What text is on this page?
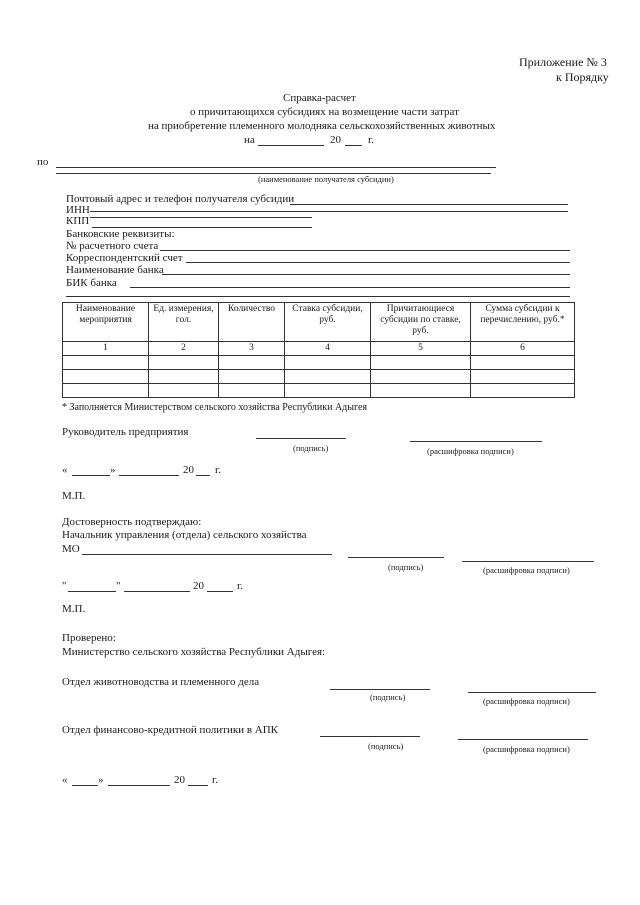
Приложение № 3
к Порядку
Справка-расчет
о причитающихся субсидиях на возмещение части затрат
на приобретение племенного молодняка сельскохозяйственных животных
на	20 г.
по
(наименование получателя субсидии)
Почтовый адрес и телефон получателя субсидии
ИНН
КПП
Банковские реквизиты:
№ расчетного счета
Корреспондентский счет
Наименование банка
БИК банка
Наименование мероприятия	Ед. измерения, гол.	Количество	Ставка субсидии, руб.	Причитающиеся субсидии по ставке, руб.	Сумма субсидии к перечислению, руб.*
1	2	3	4	5	6

* Заполняется Министерством сельского хозяйства Республики Адыгея
Руководитель предприятия
(подпись)	(расшифровка подписи)
«	»	20 г.
М.П.
Достоверность подтверждаю:
Начальник управления (отдела) сельского хозяйства
МО
(подпись)	(расшифровка подписи)
"	"	20	г.
М.П.
Проверено:
Министерство сельского хозяйства Республики Адыгея:
Отдел животноводства и племенного дела
(подпись)	(расшифровка подписи)
Отдел финансово-кредитной политики в АПК
(подпись)	(расшифровка подписи)
«	»	20 г.
